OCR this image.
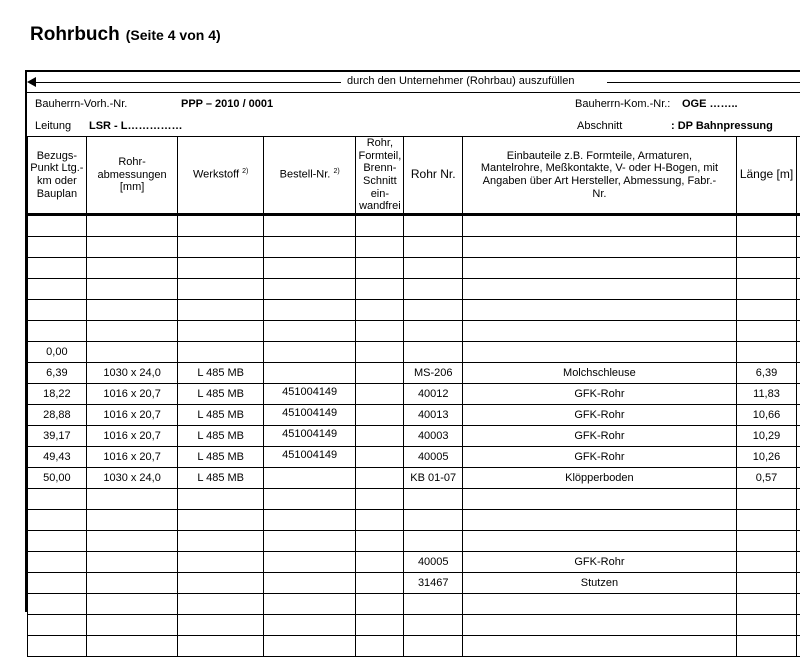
Rohrbuch (Seite 4 von 4)
durch den Unternehmer (Rohrbau) auszufüllen
Bauherrn-Vorh.-Nr.	PPP – 2010 / 0001	Bauherrn-Kom.-Nr.: OGE ……..
Leitung LSR - L……………	Abschnitt	: DP Bahnpressung
Bezugs-Punkt Ltg.-km oder Bauplan	Rohr-abmessungen [mm]	Werkstoff $^{2)}$	Bestell-Nr. $^{2)}$	Rohr, Formteil, Brenn-Schnitt ein-wandfrei	Rohr Nr.	Einbauteile z.B. Formteile, Armaturen, Mantelrohre, Meßkontakte, V- oder H-Bogen, mit Angaben über Art Hersteller, Abmessung, Fabr.-Nr.	Länge [m]	

0,00								
6,39	1030 x 24,0	L 485 MB			MS-206	Molchschleuse	6,39	
18,22	1016 x 20,7	L 485 MB	451004149		40012	GFK-Rohr	11,83	
28,88	1016 x 20,7	L 485 MB	451004149		40013	GFK-Rohr	10,66	
39,17	1016 x 20,7	L 485 MB	451004149		40003	GFK-Rohr	10,29	
49,43	1016 x 20,7	L 485 MB	451004149		40005	GFK-Rohr	10,26	
50,00	1030 x 24,0	L 485 MB			KB 01-07	Klöpperboden	0,57	

					40005	GFK-Rohr		
					31467	Stutzen		
